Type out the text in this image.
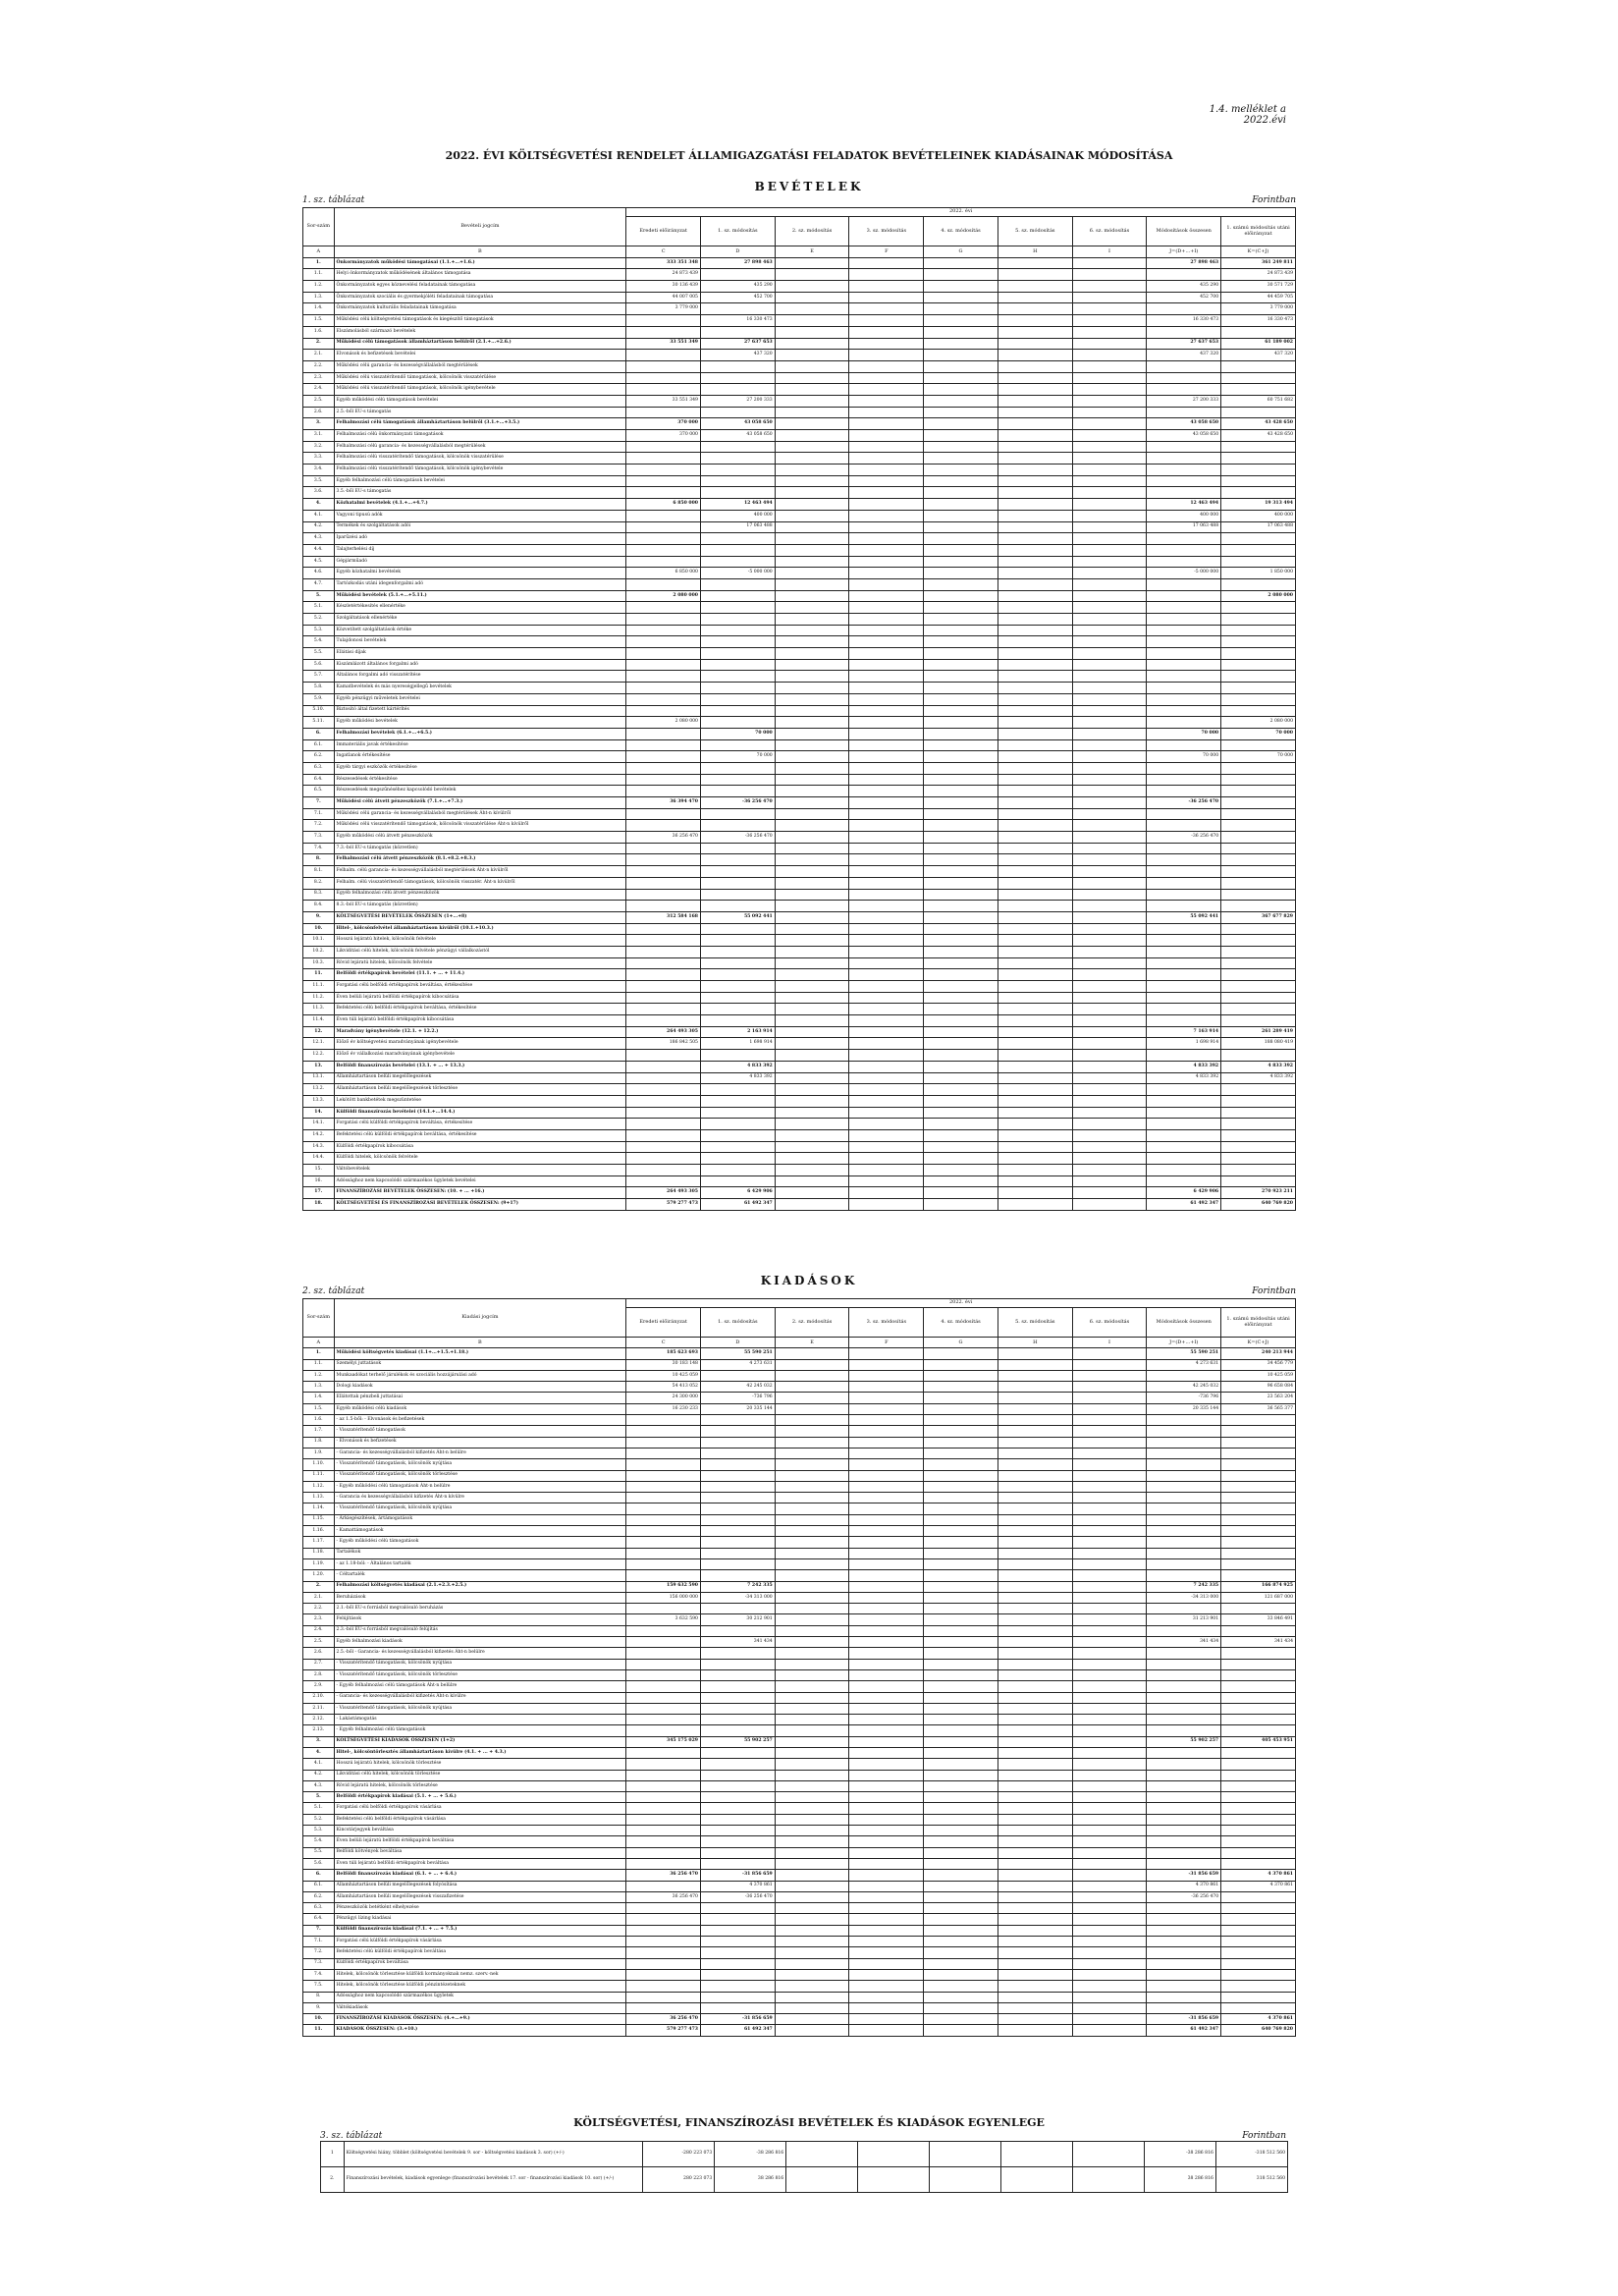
1.4. melléklet a 2022.évi
2022. ÉVI KÖLTSÉGVETÉSI RENDELET ÁLLAMIGAZGATÁSI FELADATOK BEVÉTELEINEK KIADÁSAINAK MÓDOSÍTÁSA
BEVÉTELEK
1. sz. táblázat	Forintban
Sor-szám	Bevételi jogcím	2022. évi								
		Eredeti előirányzat	1. sz. módosítás	2. sz. módosítás	3. sz. módosítás	4. sz. módosítás	5. sz. módosítás	6. sz. módosítás	Módosítások összesen	1. számú módosítás utáni előirányzat
A	B	C	D	E	F	G	H	I	J=(D+...+I)	K=(C+J)
1.	Önkormányzatok működési támogatásai (1.1.+...+1.6.)	333 351 348	27 898 463						27 898 463	361 249 811
1.1.	Helyi önkormányzatok működésének általános támogatása	24 873 439								24 873 439
1.2.	Önkormányzatok egyes köznevelési feladatainak támogatása	30 136 439	435 290						435 290	30 571 729
1.3.	Önkormányzatok szociális és gyermekjóléti feladatainak támogatása	44 007 005	452 700						452 700	44 459 705
1.4.	Önkormányzatok kulturális feladatainak támogatása	3 779 000								3 779 000
1.5.	Működési célú költségvetési támogatások és kiegészítő támogatások		16 330 473						16 330 473	16 330 473
1.6.	Elszámolásból származó bevételek									
2.	Működési célú támogatások államháztartáson belülről (2.1.+...+2.6.)	33 551 349	27 637 653						27 637 653	61 189 002
2.1.	Elvonások és befizetések bevételei		437 320						437 320	437 320
2.2.	Működési célú garancia- és kezességvállalásból megtérülések									
2.3.	Működési célú visszatérítendő támogatások, kölcsönök visszatérülése									
2.4.	Működési célú visszatérítendő támogatások, kölcsönök igénybevétele									
2.5.	Egyéb működési célú támogatások bevételei	33 551 349	27 200 333						27 200 333	60 751 682
2.6.	2.5.-ből EU-s támogatás									
3.	Felhalmozási célú támogatások államháztartáson belülről (3.1.+...+3.5.)	370 000	43 058 650						43 058 650	43 428 650
3.1.	Felhalmozási célú önkormányzati támogatások	370 000	43 058 650						43 058 650	43 428 650
3.2.	Felhalmozási célú garancia- és kezességvállalásból megtérülések									
3.3.	Felhalmozási célú visszatérítendő támogatások, kölcsönök visszatérülése									
3.4.	Felhalmozási célú visszatérítendő támogatások, kölcsönök igénybevétele									
3.5.	Egyéb felhalmozási célú támogatások bevételei									
3.6.	3.5.-ből EU-s támogatás									
4.	Közhatalmi bevételek (4.1.+...+4.7.)	6 850 000	12 463 494						12 463 494	19 313 494
4.1.	Vagyoni tipusú adók		400 000						400 000	400 000
4.2.	Termékek és szolgáltatások adói		17 063 488						17 063 488	17 063 488
4.3.	Iparűzési adó									
4.4.	Talajterhelési díj									
4.5.	Gépjárműadó									
4.6.	Egyéb közhatalmi bevételek	6 850 000	-5 000 000						-5 000 000	1 850 000
4.7.	Tartózkodás utáni idegenforgalmi adó									
5.	Működési bevételek (5.1.+...+5.11.)	2 080 000								2 080 000
5.1.	Készletértékesítés ellenértéke									
5.2.	Szolgáltatások ellenértéke									
5.3.	Közvetített szolgáltatások értéke									
5.4.	Tulajdonosi bevételek									
5.5.	Ellátási díjak									
5.6.	Kiszámlázott általános forgalmi adó									
5.7.	Általános forgalmi adó visszatérítése									
5.8.	Kamatbevételek és más nyereségjellegű bevételek									
5.9.	Egyéb pénzügyi műveletek bevételei									
5.10.	Biztosító által fizetett kártérítés									
5.11.	Egyéb működési bevételek	2 080 000								2 080 000
6.	Felhalmozási bevételek (6.1.+...+6.5.)		70 000						70 000	70 000
6.1.	Immateriális javak értékesítése									
6.2.	Ingatlanok értékesítése		70 000						70 000	70 000
6.3.	Egyéb tárgyi eszközök értékesítése									
6.4.	Részesedések értékesítése									
6.5.	Részesedések megszűnéséhez kapcsolódó bevételek									
7.	Működési célú átvett pénzeszközök (7.1.+...+7.3.)	36 394 470	-36 256 470						-36 256 470	
7.1.	Működési célú garancia- és kezességvállalásból megtérülések Áht-n kívülről									
7.2.	Működési célú visszatérítendő támogatások, kölcsönök visszatérülése Áht-n kívülről									
7.3.	Egyéb működési célú átvett pénzeszközök	36 256 470	-36 256 470						-36 256 470	
7.4.	7.3.-ból EU-s támogatás (közvetlen)									
8.	Felhalmozási célú átvett pénzeszközök (8.1.+8.2.+8.3.)									
8.1.	Felhalm. célú garancia- és kezességvállalásból megtérülések Áht-n kívülről									
8.2.	Felhalm. célú visszatérítendő támogatások, kölcsönök visszatér. Áht-n kívülről									
8.3.	Egyéb felhalmozási célú átvett pénzeszközök									
8.4.	8.3.-ból EU-s támogatás (közvetlen)									
9.	KÖLTSÉGVETÉSI BEVÉTELEK ÖSSZESEN (1+...+8)	312 584 168	55 092 441						55 092 441	367 677 829
10.	Hitel-, kölcsönfelvétel államháztartáson kívülről (10.1.+10.3.)									
10.1.	Hosszú lejáratú hitelek, kölcsönök felvétele									
10.2.	Likviditási célú hitelek, kölcsönök felvétele pénzügyi vállalkozástól									
10.3.	Rövid lejáratú hitelek, kölcsönök felvétele									
11.	Belföldi értékpapírok bevételei (11.1. + ... + 11.4.)									
11.1.	Forgatási célú belföldi értékpapírok beváltása, értékesítése									
11.2.	Éven belüli lejáratú belföldi értékpapírok kibocsátása									
11.3.	Befektetési célú belföldi értékpapírok beváltása, értékesítése									
11.4.	Éven túli lejáratú belföldi értékpapírok kibocsátása									
12.	Maradvány igénybevétele (12.1. + 12.2.)	264 493 305	2 163 914						7 163 914	261 289 419
12.1.	Előző év költségvetési maradványának igénybevétele	186 842 505	1 698 914						1 698 914	188 080 419
12.2.	Előző év vállalkozási maradványának igénybevétele									
13.	Belföldi finanszírozás bevételei (13.1. + ... + 13.3.)		4 833 392						4 833 392	4 833 392
13.1.	Államháztartáson belüli megelőlegezések		4 833 392						4 833 392	4 833 392
13.2.	Államháztartáson belüli megelőlegezések törlesztése									
13.3.	Lekötött bankbetétek megszüntetése									
14.	Külföldi finanszírozás bevételei (14.1.+...14.4.)									
14.1.	Forgatási célú külföldi értékpapírok beváltása, értékesítése									
14.2.	Befektetési célú külföldi értékpapírok beváltása, értékesítése									
14.3.	Külföldi értékpapírok kibocsátása									
14.4.	Külföldi hitelek, kölcsönök felvétele									
15.	Váltóbevételek									
16.	Adóssághoz nem kapcsolódó származékos ügyletek bevételei									
17.	FINANSZÍROZÁSI BEVÉTELEK ÖSSZESEN: (10. + ... +16.)	264 493 305	6 429 906						6 429 906	270 923 211
18.	KÖLTSÉGVETÉSI ÉS FINANSZÍROZÁSI BEVÉTELEK ÖSSZESEN: (9+17)	579 277 473	61 492 347						61 492 347	640 769 820
KIADÁSOK
2. sz. táblázat	Forintban
Sor-szám	Kiadási jogcím	2022. évi								
		Eredeti előirányzat	1. sz. módosítás	2. sz. módosítás	3. sz. módosítás	4. sz. módosítás	5. sz. módosítás	6. sz. módosítás	Módosítások összesen	1. számú módosítás utáni előirányzat
A	B	C	D	E	F	G	H	I	J=(D+...+I)	K=(C+J)
1.	Működési költségvetés kiadásai (1.1+...+1.5.+1.18.)	185 623 693	55 590 251						55 590 251	240 213 944
1.1.	Személyi juttatások	30 183 148	4 273 631						4 273 631	34 456 779
1.2.	Munkaadókat terhelő járulékok és szociális hozzájárulási adó	10 425 059								10 425 059
1.3.	Dologi kiadások	54 413 052	42 245 032						42 245 032	96 658 084
1.4.	Ellátottak pénzbeli juttatásai	24 300 000	-736 796						-736 796	23 563 204
1.5.	Egyéb működési célú kiadások	16 230 233	20 335 144						20 335 144	36 565 377
1.6.	- az 1.5-ből: - Elvonások és befizetések									
1.7.	- Visszatérítendő támogatások									
1.8.	- Elvonások és befizetések									
1.9.	- Garancia- és kezességvállalásból kifizetés Áht-n belülre									
1.10.	- Visszatérítendő támogatások, kölcsönök nyújtása									
1.11.	- Visszatérítendő támogatások, kölcsönök törlesztése									
1.12.	- Egyéb működési célú támogatások Áht-n belülre									
1.13.	- Garancia és kezességvállalásból kifizetés Áht-n kívülre									
1.14.	- Visszatérítendő támogatások, kölcsönök nyújtása									
1.15.	- Árkiegészítések, ártámogatások									
1.16.	- Kamattámogatások									
1.17.	- Egyéb működési célú támogatások									
1.18.	Tartalékok									
1.19.	- az 1.18-ból: - Általános tartalék									
1.20.	- Céltartalék									
2.	Felhalmozási költségvetés kiadásai (2.1.+2.3.+2.5.)	159 632 590	7 242 335						7 242 335	166 874 925
2.1.	Beruházások	156 000 000	-34 313 000						-34 313 000	121 687 000
2.2.	2.1.-ből EU-s forrásból megvalósuló beruházás									
2.3.	Felújítások	3 632 590	30 212 901						31 213 901	33 846 491
2.4.	2.3.-ból EU-s forrásból megvalósuló felújítás									
2.5.	Egyéb felhalmozási kiadások		341 434						341 434	341 434
2.6.	2.5.-ből - Garancia- és kezességvállalásból kifizetés Áht-n belülre									
2.7.	- Visszatérítendő támogatások, kölcsönök nyújtása									
2.8.	- Visszatérítendő támogatások, kölcsönök törlesztése									
2.9.	- Egyéb felhalmozási célú támogatások Áht-n belülre									
2.10.	- Garancia- és kezességvállalásból kifizetés Áht-n kívülre									
2.11.	- Visszatérítendő támogatások, kölcsönök nyújtása									
2.12.	- Lakástámogatás									
2.13.	- Egyéb felhalmozási célú támogatások									
3.	KÖLTSÉGVETÉSI KIADÁSOK ÖSSZESEN (1+2)	345 175 029	55 902 257						55 902 257	405 453 951
4.	Hitel-, kölcsöntörlesztés államháztartáson kívülre (4.1. + ... + 4.3.)									
4.1.	Hosszú lejáratú hitelek, kölcsönök törlesztése									
4.2.	Likviditási célú hitelek, kölcsönök törlesztése									
4.3.	Rövid lejáratú hitelek, kölcsönök törlesztése									
5.	Belföldi értékpapírok kiadásai (5.1. + ... + 5.6.)									
5.1.	Forgatási célú belföldi értékpapírok vásárlása									
5.2.	Befektetési célú belföldi értékpapírok vásárlása									
5.3.	Kincstárjegyek beváltása									
5.4.	Éven belüli lejáratú belföldi értékpapírok beváltása									
5.5.	Belföldi kötvények beváltása									
5.6.	Éven túli lejáratú belföldi értékpapírok beváltása									
6.	Belföldi finanszírozás kiadásai (6.1. + ... + 6.4.)	36 256 470	-31 856 659						-31 856 659	4 370 861
6.1.	Államháztartáson belüli megelőlegezések folyósítása		4 370 861						4 370 861	4 370 861
6.2.	Államháztartáson belüli megelőlegezések visszafizetése	36 256 470	-36 256 470						-36 256 470	
6.3.	Pénzeszközök betétként elhelyezése									
6.4.	Pénzügyi lízing kiadásai									
7.	Külföldi finanszírozás kiadásai (7.1. + ... + 7.5.)									
7.1.	Forgatási célú külföldi értékpapírok vásárlása									
7.2.	Befektetési célú külföldi értékpapírok beváltása									
7.3.	Külföldi értékpapírok beváltása									
7.4.	Hitelek, kölcsönök törlesztése külföldi kormányoknak nemz. szerv.-nek									
7.5.	Hitelek, kölcsönök törlesztése külföldi pénzintézeteknek									
8.	Adóssághoz nem kapcsolódó származékos ügyletek									
9.	Váltókiadások									
10.	FINANSZÍROZÁSI KIADÁSOK ÖSSZESEN: (4.+...+9.)	36 256 470	-31 856 659						-31 856 659	4 370 861
11.	KIADÁSOK ÖSSZESEN: (3.+10.)	579 277 473	61 492 347						61 492 347	640 769 820
KÖLTSÉGVETÉSI, FINANSZÍROZÁSI BEVÉTELEK ÉS KIADÁSOK EGYENLEGE
3. sz. táblázat	Forintban
1	Költségvetési hiány, többlet (költségvetési bevételek 9. sor - költségvetési kiadások 3. sor) (+/-)	-280 223 073	-38 286 816						-38 286 816	-318 512 560
2.	Finanszírozási bevételek, kiadások egyenlege (finanszírozási bevételek 17. sor - finanszírozási kiadások 10. sor) (+/-)	280 223 073	38 286 816						38 286 816	318 512 560
